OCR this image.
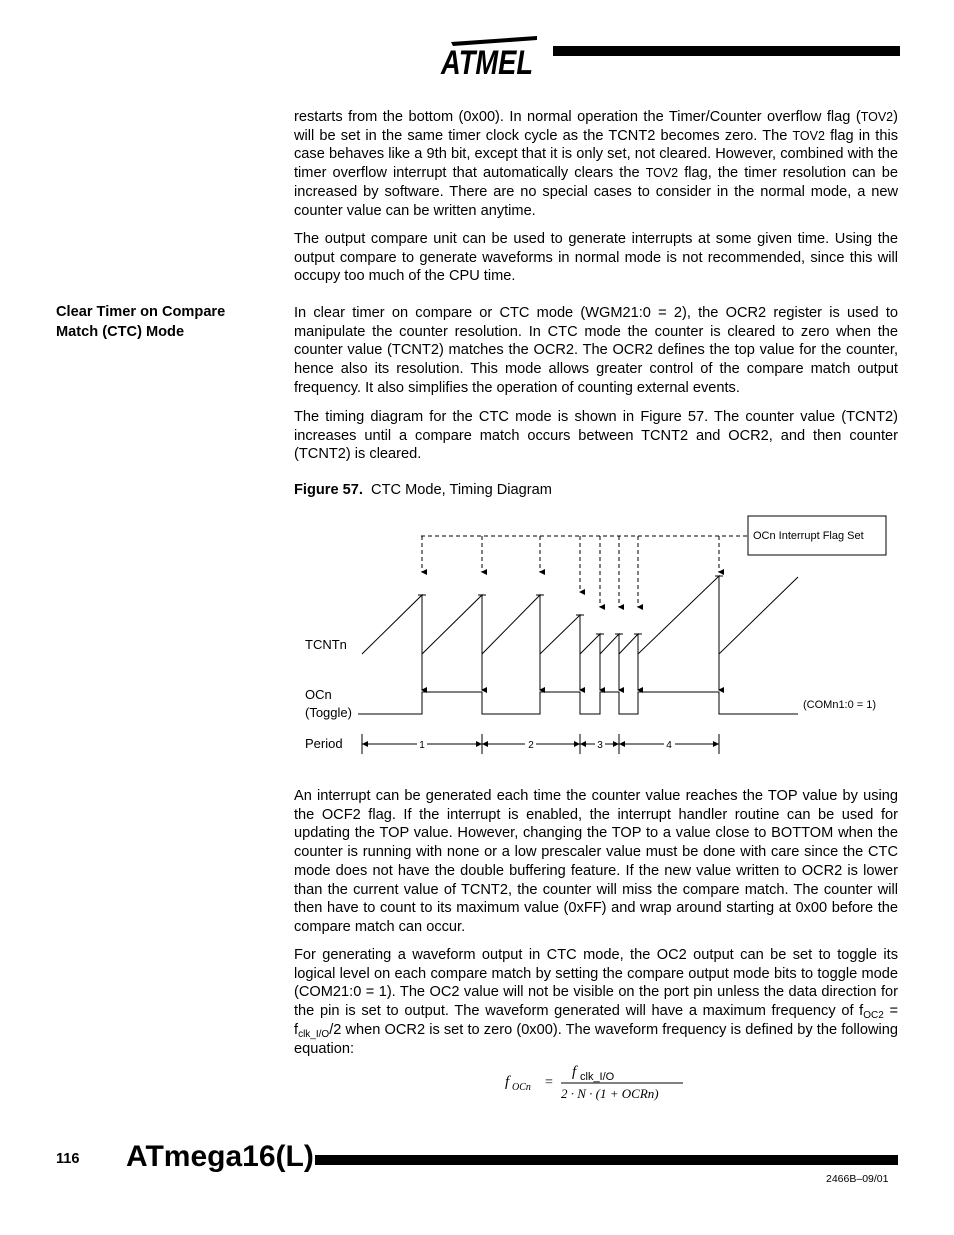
ATMEL

restarts from the bottom (0x00). In normal operation the Timer/Counter overflow flag (TOV2) will be set in the same timer clock cycle as the TCNT2 becomes zero. The TOV2 flag in this case behaves like a 9th bit, except that it is only set, not cleared. However, combined with the timer overflow interrupt that automatically clears the TOV2 flag, the timer resolution can be increased by software. There are no special cases to consider in the normal mode, a new counter value can be written anytime.

The output compare unit can be used to generate interrupts at some given time. Using the output compare to generate waveforms in normal mode is not recommended, since this will occupy too much of the CPU time.

Clear Timer on Compare
Match (CTC) Mode

In clear timer on compare or CTC mode (WGM21:0 = 2), the OCR2 register is used to manipulate the counter resolution. In CTC mode the counter is cleared to zero when the counter value (TCNT2) matches the OCR2. The OCR2 defines the top value for the counter, hence also its resolution. This mode allows greater control of the compare match output frequency. It also simplifies the operation of counting external events.

The timing diagram for the CTC mode is shown in Figure 57. The counter value (TCNT2) increases until a compare match occurs between TCNT2 and OCR2, and then counter (TCNT2) is cleared.

Figure 57. CTC Mode, Timing Diagram
OCn Interrupt Flag Set
TCNTn
OCn
(Toggle)	(COMn1:0 = 1)
Period	1	2	3	4

An interrupt can be generated each time the counter value reaches the TOP value by using the OCF2 flag. If the interrupt is enabled, the interrupt handler routine can be used for updating the TOP value. However, changing the TOP to a value close to BOTTOM when the counter is running with none or a low prescaler value must be done with care since the CTC mode does not have the double buffering feature. If the new value written to OCR2 is lower than the current value of TCNT2, the counter will miss the compare match. The counter will then have to count to its maximum value (0xFF) and wrap around starting at 0x00 before the compare match can occur.

For generating a waveform output in CTC mode, the OC2 output can be set to toggle its logical level on each compare match by setting the compare output mode bits to toggle mode (COM21:0 = 1). The OC2 value will not be visible on the port pin unless the data direction for the pin is set to output. The waveform generated will have a maximum frequency of $f_{OC2} = f_{clk\_I/O}/2$ when OCR2 is set to zero (0x00). The waveform frequency is defined by the following equation:

f OCn =
f clk_I/O
2 · N · (1 + OCRn)
116 ATmega16(L)
2466B–09/01
